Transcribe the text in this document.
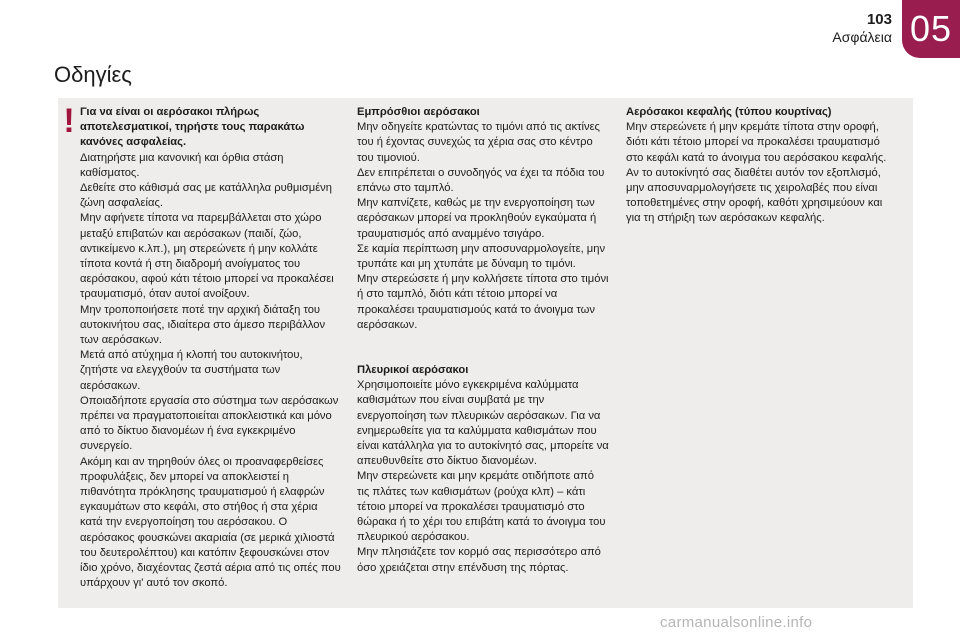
103
Ασφάλεια 05
Οδηγίες
! Για να είναι οι αερόσακοι πλήρως αποτελεσματικοί, τηρήστε τους παρακάτω κανόνες ασφαλείας.
Διατηρήστε μια κανονική και όρθια στάση καθίσματος.
Δεθείτε στο κάθισμά σας με κατάλληλα ρυθμισμένη ζώνη ασφαλείας.
Μην αφήνετε τίποτα να παρεμβάλλεται στο χώρο μεταξύ επιβατών και αερόσακων (παιδί, ζώο, αντικείμενο κ.λπ.), μη στερεώνετε ή μην κολλάτε τίποτα κοντά ή στη διαδρομή ανοίγματος του αερόσακου, αφού κάτι τέτοιο μπορεί να προκαλέσει τραυματισμό, όταν αυτοί ανοίξουν.
Μην τροποποιήσετε ποτέ την αρχική διάταξη του αυτοκινήτου σας, ιδιαίτερα στο άμεσο περιβάλλον των αερόσακων.
Μετά από ατύχημα ή κλοπή του αυτοκινήτου, ζητήστε να ελεγχθούν τα συστήματα των αερόσακων.
Οποιαδήποτε εργασία στο σύστημα των αερόσακων πρέπει να πραγματοποιείται αποκλειστικά και μόνο από το δίκτυο διανομέων ή ένα εγκεκριμένο συνεργείο.
Ακόμη και αν τηρηθούν όλες οι προαναφερθείσες προφυλάξεις, δεν μπορεί να αποκλειστεί η πιθανότητα πρόκλησης τραυματισμού ή ελαφρών εγκαυμάτων στο κεφάλι, στο στήθος ή στα χέρια κατά την ενεργοποίηση του αερόσακου. Ο αερόσακος φουσκώνει ακαριαία (σε μερικά χιλιοστά του δευτερολέπτου) και κατόπιν ξεφουσκώνει στον ίδιο χρόνο, διαχέοντας ζεστά αέρια από τις οπές που υπάρχουν γι' αυτό τον σκοπό.
Εμπρόσθιοι αερόσακοι
Μην οδηγείτε κρατώντας το τιμόνι από τις ακτίνες του ή έχοντας συνεχώς τα χέρια σας στο κέντρο του τιμονιού.
Δεν επιτρέπεται ο συνοδηγός να έχει τα πόδια του επάνω στο ταμπλό.
Μην καπνίζετε, καθώς με την ενεργοποίηση των αερόσακων μπορεί να προκληθούν εγκαύματα ή τραυματισμός από αναμμένο τσιγάρο.
Σε καμία περίπτωση μην αποσυναρμολογείτε, μην τρυπάτε και μη χτυπάτε με δύναμη το τιμόνι.
Μην στερεώσετε ή μην κολλήσετε τίποτα στο τιμόνι ή στο ταμπλό, διότι κάτι τέτοιο μπορεί να προκαλέσει τραυματισμούς κατά το άνοιγμα των αερόσακων.
Πλευρικοί αερόσακοι
Χρησιμοποιείτε μόνο εγκεκριμένα καλύμματα καθισμάτων που είναι συμβατά με την ενεργοποίηση των πλευρικών αερόσακων. Για να ενημερωθείτε για τα καλύμματα καθισμάτων που είναι κατάλληλα για το αυτοκίνητό σας, μπορείτε να απευθυνθείτε στο δίκτυο διανομέων.
Μην στερεώνετε και μην κρεμάτε οτιδήποτε από τις πλάτες των καθισμάτων (ρούχα κλπ) – κάτι τέτοιο μπορεί να προκαλέσει τραυματισμό στο θώρακα ή το χέρι του επιβάτη κατά το άνοιγμα του πλευρικού αερόσακου.
Μην πλησιάζετε τον κορμό σας περισσότερο από όσο χρειάζεται στην επένδυση της πόρτας.
Αερόσακοι κεφαλής (τύπου κουρτίνας)
Μην στερεώνετε ή μην κρεμάτε τίποτα στην οροφή, διότι κάτι τέτοιο μπορεί να προκαλέσει τραυματισμό στο κεφάλι κατά το άνοιγμα του αερόσακου κεφαλής.
Αν το αυτοκίνητό σας διαθέτει αυτόν τον εξοπλισμό, μην αποσυναρμολογήσετε τις χειρολαβές που είναι τοποθετημένες στην οροφή, καθότι χρησιμεύουν και για τη στήριξη των αερόσακων κεφαλής.
carmanualsonline.info
